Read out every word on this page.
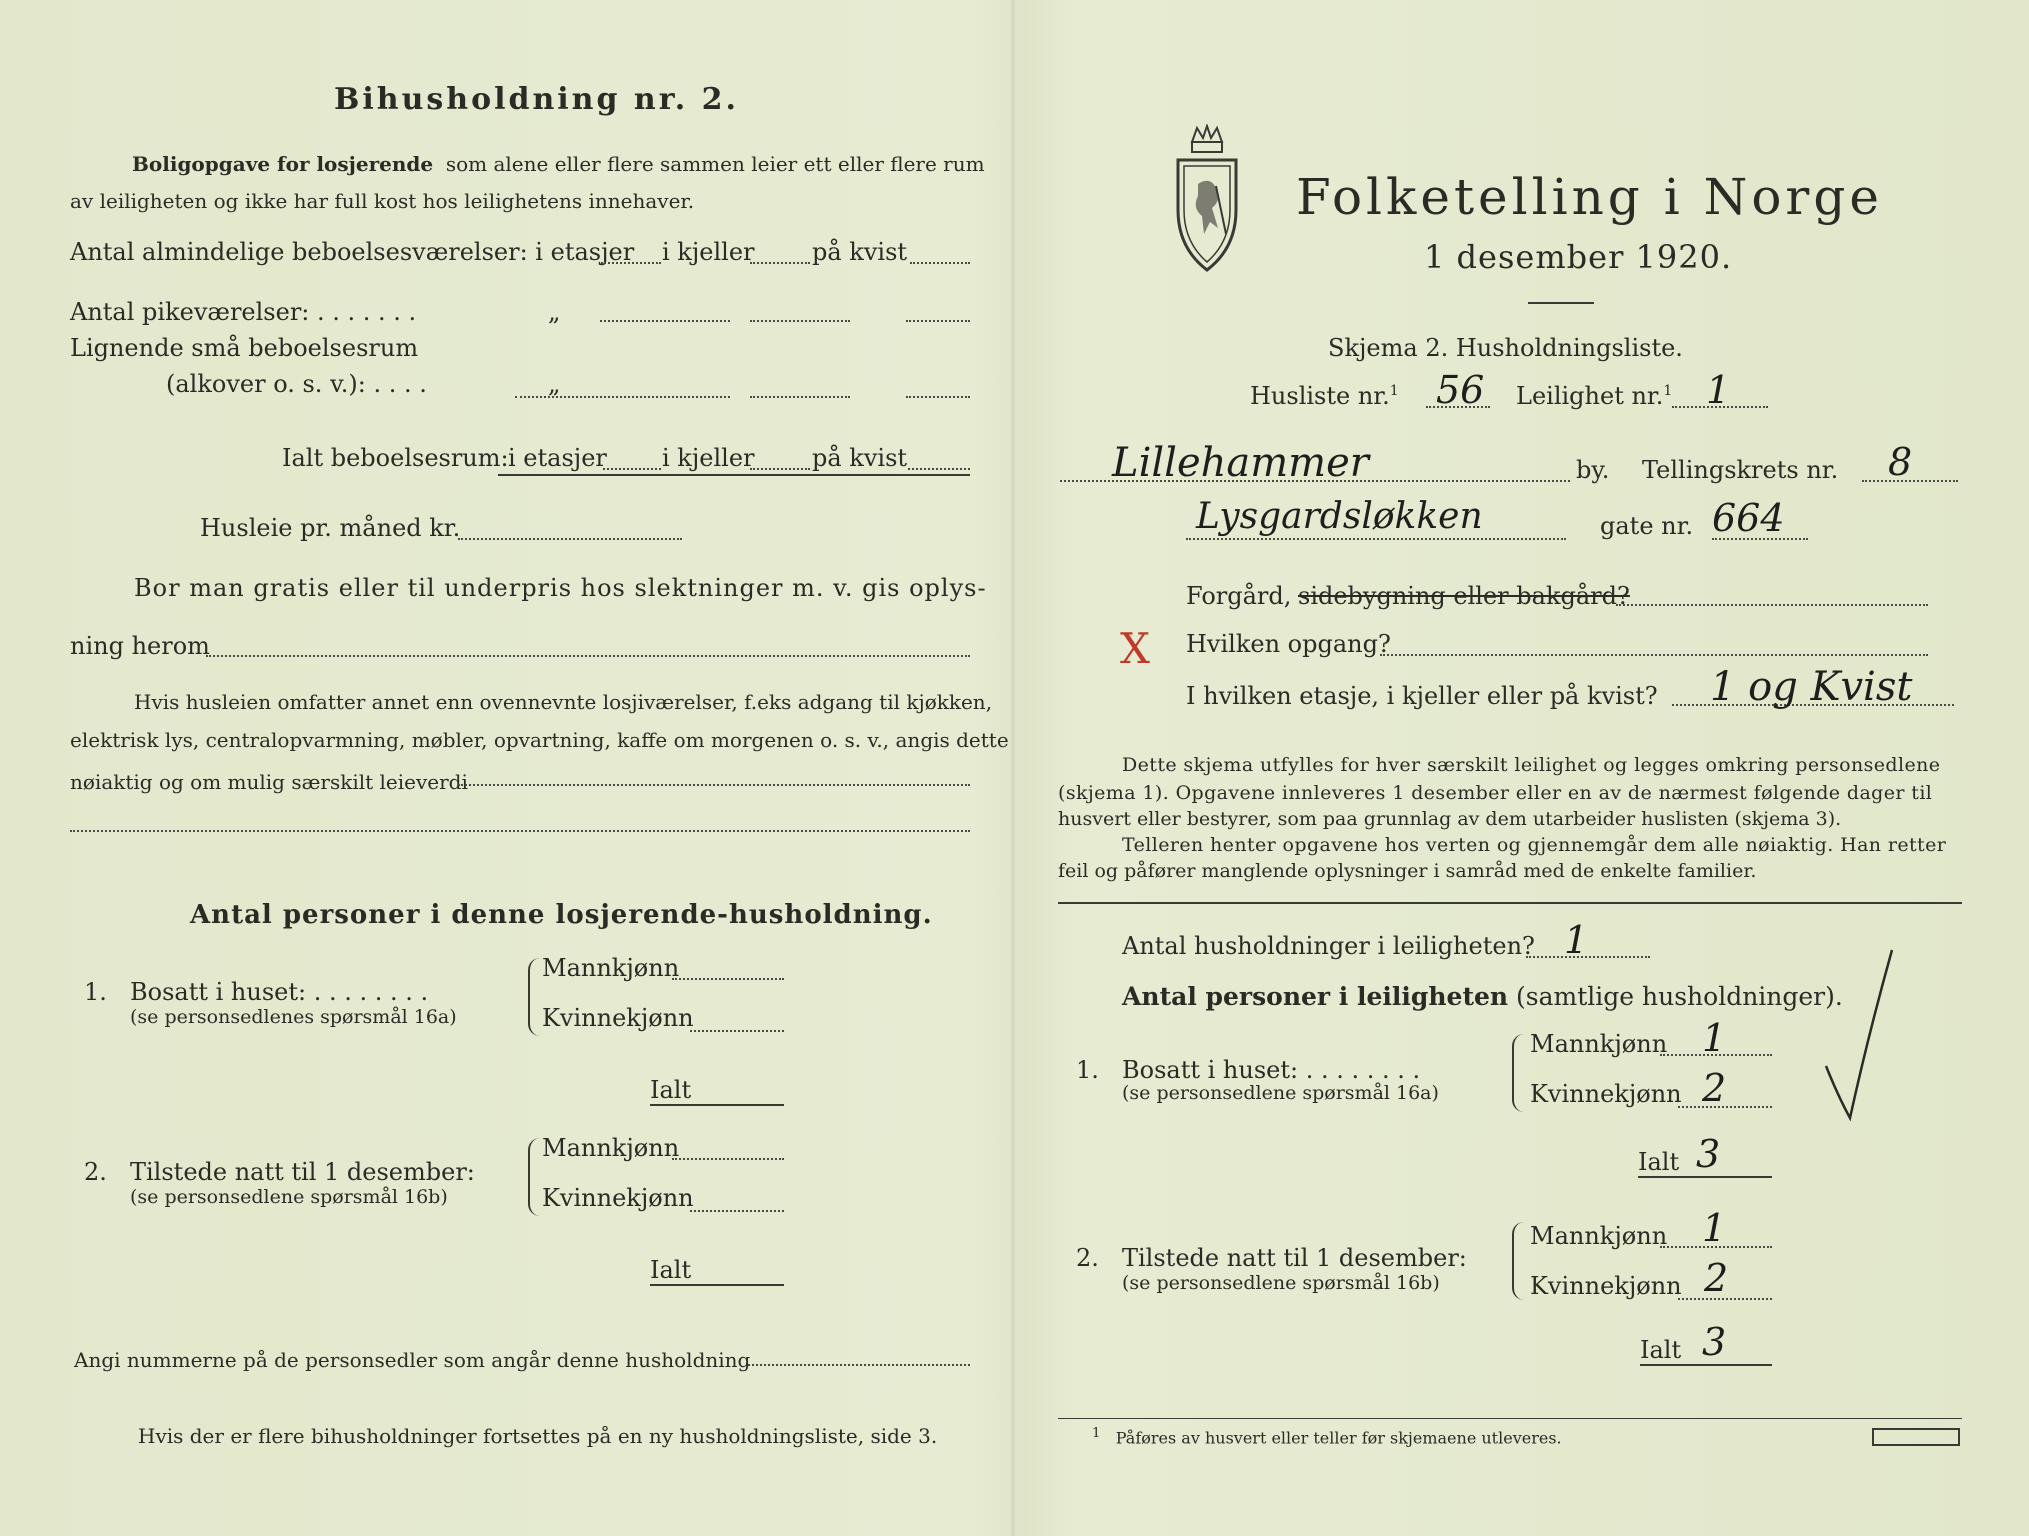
Bihusholdning nr. 2.
Boligopgave for losjerende som alene eller flere sammen leier ett eller flere rum
av leiligheten og ikke har full kost hos leilighetens innehaver.
Antal almindelige beboelsesværelser: i etasjer i kjeller på kvist
Antal pikeværelser: . . . . . . .	„
Lignende små beboelsesrum
(alkover o. s. v.): . . . .	„
Ialt beboelsesrum: i etasjer i kjeller på kvist
Husleie pr. måned kr.
Bor man gratis eller til underpris hos slektninger m. v. gis oplys-
ning herom
Hvis husleien omfatter annet enn ovennevnte losjiværelser, f.eks adgang til kjøkken,
elektrisk lys, centralopvarmning, møbler, opvartning, kaffe om morgenen o. s. v., angis dette
nøiaktig og om mulig særskilt leieverdi
Antal personer i denne losjerende-husholdning.
1. Bosatt i huset: . . . . . . . .
(se personsedlenes spørsmål 16a)
Mannkjønn
Kvinnekjønn
Ialt
2. Tilstede natt til 1 desember:
(se personsedlene spørsmål 16b)
Mannkjønn
Kvinnekjønn
Ialt
Angi nummerne på de personsedler som angår denne husholdning
Hvis der er flere bihusholdninger fortsettes på en ny husholdningsliste, side 3.
Folketelling i Norge
1 desember 1920.
Skjema 2. Husholdningsliste.
Husliste nr.$^1$ 56 Leilighet nr.$^1$ 1
Lillehammer	by. Tellingskrets nr. 8
Lysgardsløkken	gate nr. 664
Forgård, sidebygning eller bakgård?
X Hvilken opgang?
I hvilken etasje, i kjeller eller på kvist? 1 og Kvist
Dette skjema utfylles for hver særskilt leilighet og legges omkring personsedlene
(skjema 1). Opgavene innleveres 1 desember eller en av de nærmest følgende dager til
husvert eller bestyrer, som paa grunnlag av dem utarbeider huslisten (skjema 3).
Telleren henter opgavene hos verten og gjennemgår dem alle nøiaktig. Han retter
feil og påfører manglende oplysninger i samråd med de enkelte familier.
Antal husholdninger i leiligheten? 1
Antal personer i leiligheten (samtlige husholdninger).
1. Bosatt i huset: . . . . . . . .
(se personsedlene spørsmål 16a)
Mannkjønn 1
Kvinnekjønn 2
Ialt 3
2. Tilstede natt til 1 desember:
(se personsedlene spørsmål 16b)
Mannkjønn 1
Kvinnekjønn 2
Ialt 3
$^1$ Påføres av husvert eller teller før skjemaene utleveres.
